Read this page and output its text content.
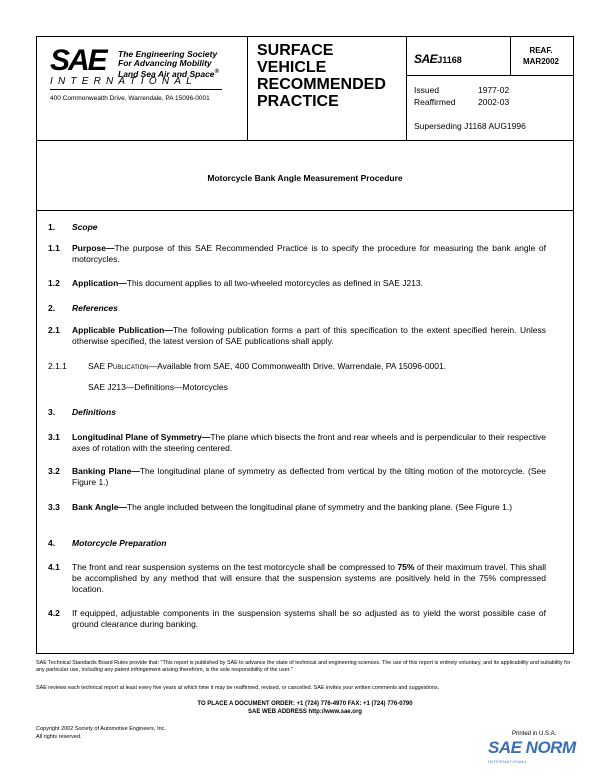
SAE The Engineering Society
For Advancing Mobility
Land Sea Air and Space®
INTERNATIONAL
400 Commonwealth Drive, Warrendale, PA 15096-0001
SURFACE
VEHICLE
RECOMMENDED
PRACTICE
SAEJ1168
REAF.
MAR2002
Issued	1977-02
Reaffirmed	2002-03
Superseding J1168 AUG1996
Motorcycle Bank Angle Measurement Procedure
1. Scope
1.1 Purpose—The purpose of this SAE Recommended Practice is to specify the procedure for measuring the bank angle of motorcycles.
1.2 Application—This document applies to all two-wheeled motorcycles as defined in SAE J213.
2. References
2.1 Applicable Publication—The following publication forms a part of this specification to the extent specified herein. Unless otherwise specified, the latest version of SAE publications shall apply.
2.1.1 SAE Publication—Available from SAE, 400 Commonwealth Drive, Warrendale, PA 15096-0001.
SAE J213—Definitions—Motorcycles
3. Definitions
3.1 Longitudinal Plane of Symmetry—The plane which bisects the front and rear wheels and is perpendicular to their respective axes of rotation with the steering centered.
3.2 Banking Plane—The longitudinal plane of symmetry as deflected from vertical by the tilting motion of the motorcycle. (See Figure 1.)
3.3 Bank Angle—The angle included between the longitudinal plane of symmetry and the banking plane. (See Figure 1.)
4. Motorcycle Preparation
4.1 The front and rear suspension systems on the test motorcycle shall be compressed to 75% of their maximum travel. This shall be accomplished by any method that will ensure that the suspension systems are positively held in the 75% compressed location.
4.2 If equipped, adjustable components in the suspension systems shall be so adjusted as to yield the worst possible case of ground clearance during banking.
SAE Technical Standards Board Rules provide that: "This report is published by SAE to advance the state of technical and engineering sciences. The use of this report is entirely voluntary, and its applicability and suitability for any particular use, including any patent infringement arising therefrom, is the sole responsibility of the user."
SAE reviews each technical report at least every five years at which time it may be reaffirmed, revised, or cancelled. SAE invites your written comments and suggestions.
TO PLACE A DOCUMENT ORDER: +1 (724) 776-4970 FAX: +1 (724) 776-0790
SAE WEB ADDRESS http://www.sae.org
Copyright 2002 Society of Automotive Engineers, Inc.
All rights reserved.	Printed in U.S.A.
SAE NORM
INTERNATIONAL
